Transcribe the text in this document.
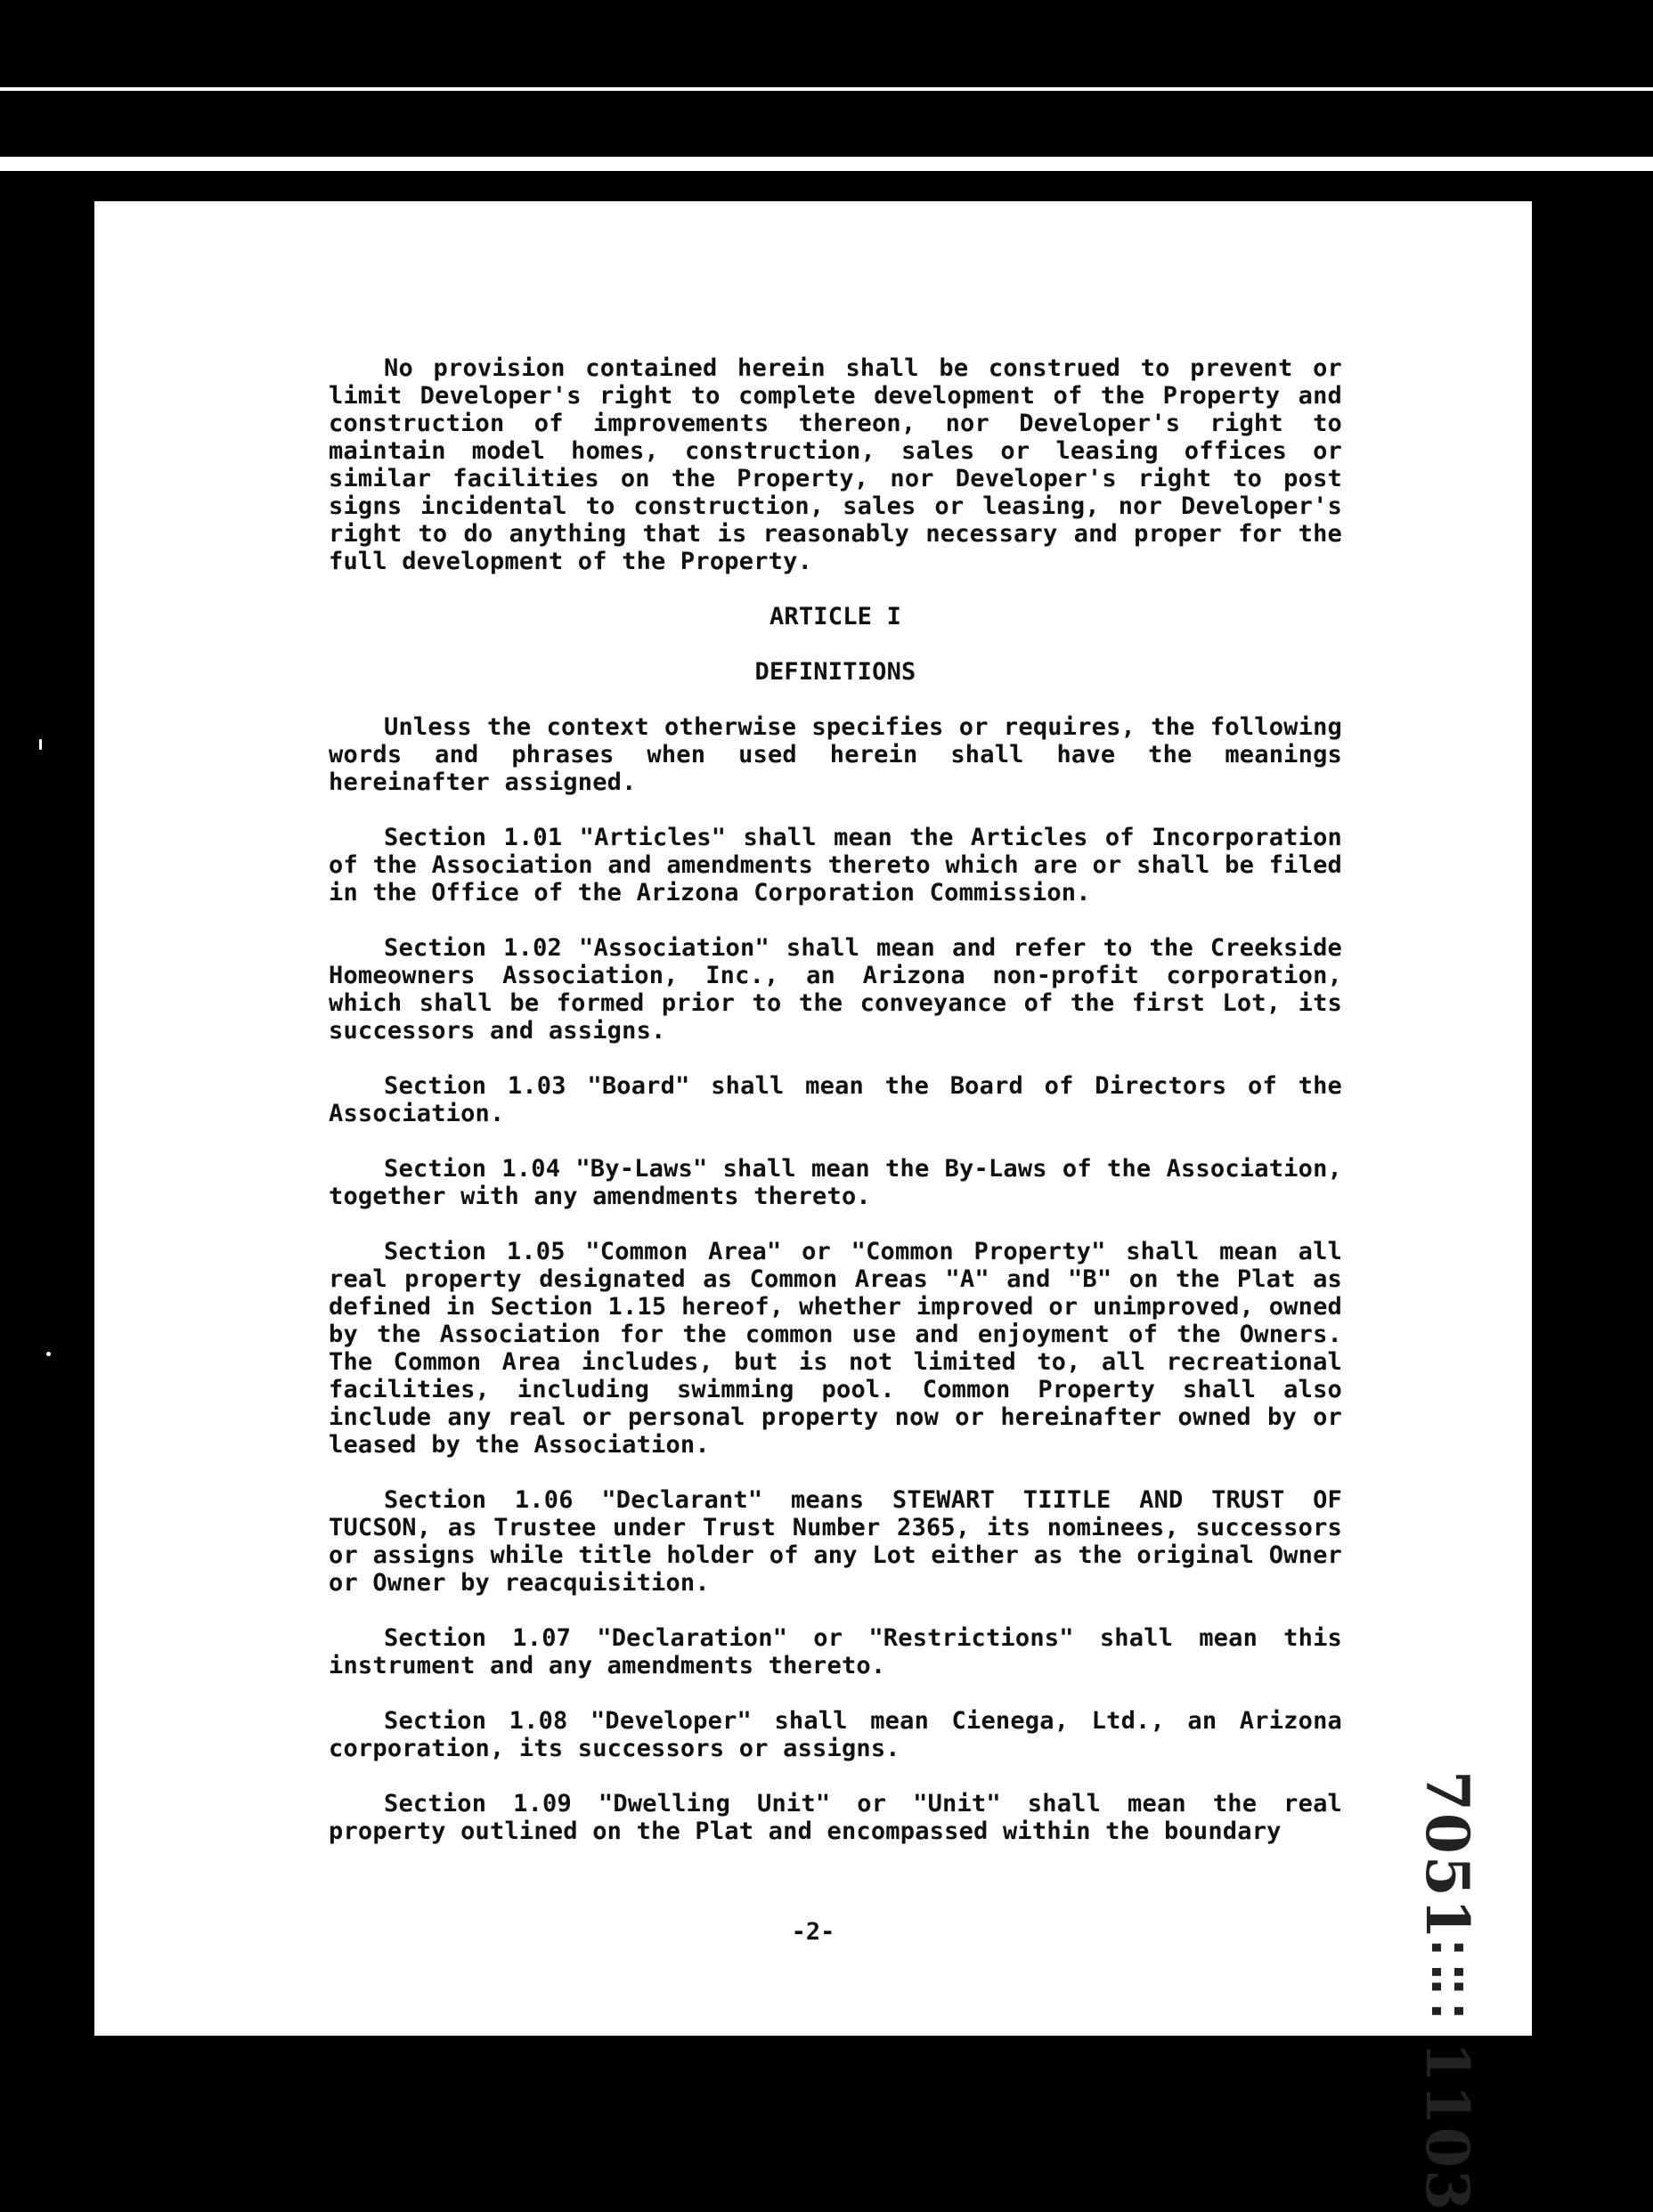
No provision contained herein shall be construed to prevent or limit Developer's right to complete development of the Property and construction of improvements thereon, nor Developer's right to maintain model homes, construction, sales or leasing offices or similar facilities on the Property, nor Developer's right to post signs incidental to construction, sales or leasing, nor Developer's right to do anything that is reasonably necessary and proper for the full development of the Property.

ARTICLE I

DEFINITIONS

Unless the context otherwise specifies or requires, the following words and phrases when used herein shall have the meanings hereinafter assigned.

Section 1.01 "Articles" shall mean the Articles of Incorporation of the Association and amendments thereto which are or shall be filed in the Office of the Arizona Corporation Commission.

Section 1.02 "Association" shall mean and refer to the Creekside Homeowners Association, Inc., an Arizona non-profit corporation, which shall be formed prior to the conveyance of the first Lot, its successors and assigns.

Section 1.03 "Board" shall mean the Board of Directors of the Association.

Section 1.04 "By-Laws" shall mean the By-Laws of the Association, together with any amendments thereto.

Section 1.05 "Common Area" or "Common Property" shall mean all real property designated as Common Areas "A" and "B" on the Plat as defined in Section 1.15 hereof, whether improved or unimproved, owned by the Association for the common use and enjoyment of the Owners. The Common Area includes, but is not limited to, all recreational facilities, including swimming pool. Common Property shall also include any real or personal property now or hereinafter owned by or leased by the Association.

Section 1.06 "Declarant" means STEWART TIITLE AND TRUST OF TUCSON, as Trustee under Trust Number 2365, its nominees, successors or assigns while title holder of any Lot either as the original Owner or Owner by reacquisition.

Section 1.07 "Declaration" or "Restrictions" shall mean this instrument and any amendments thereto.

Section 1.08 "Developer" shall mean Cienega, Ltd., an Arizona corporation, its successors or assigns.

Section 1.09 "Dwelling Unit" or "Unit" shall mean the real property outlined on the Plat and encompassed within the boundary

-2-	7051∷∷ 1103
